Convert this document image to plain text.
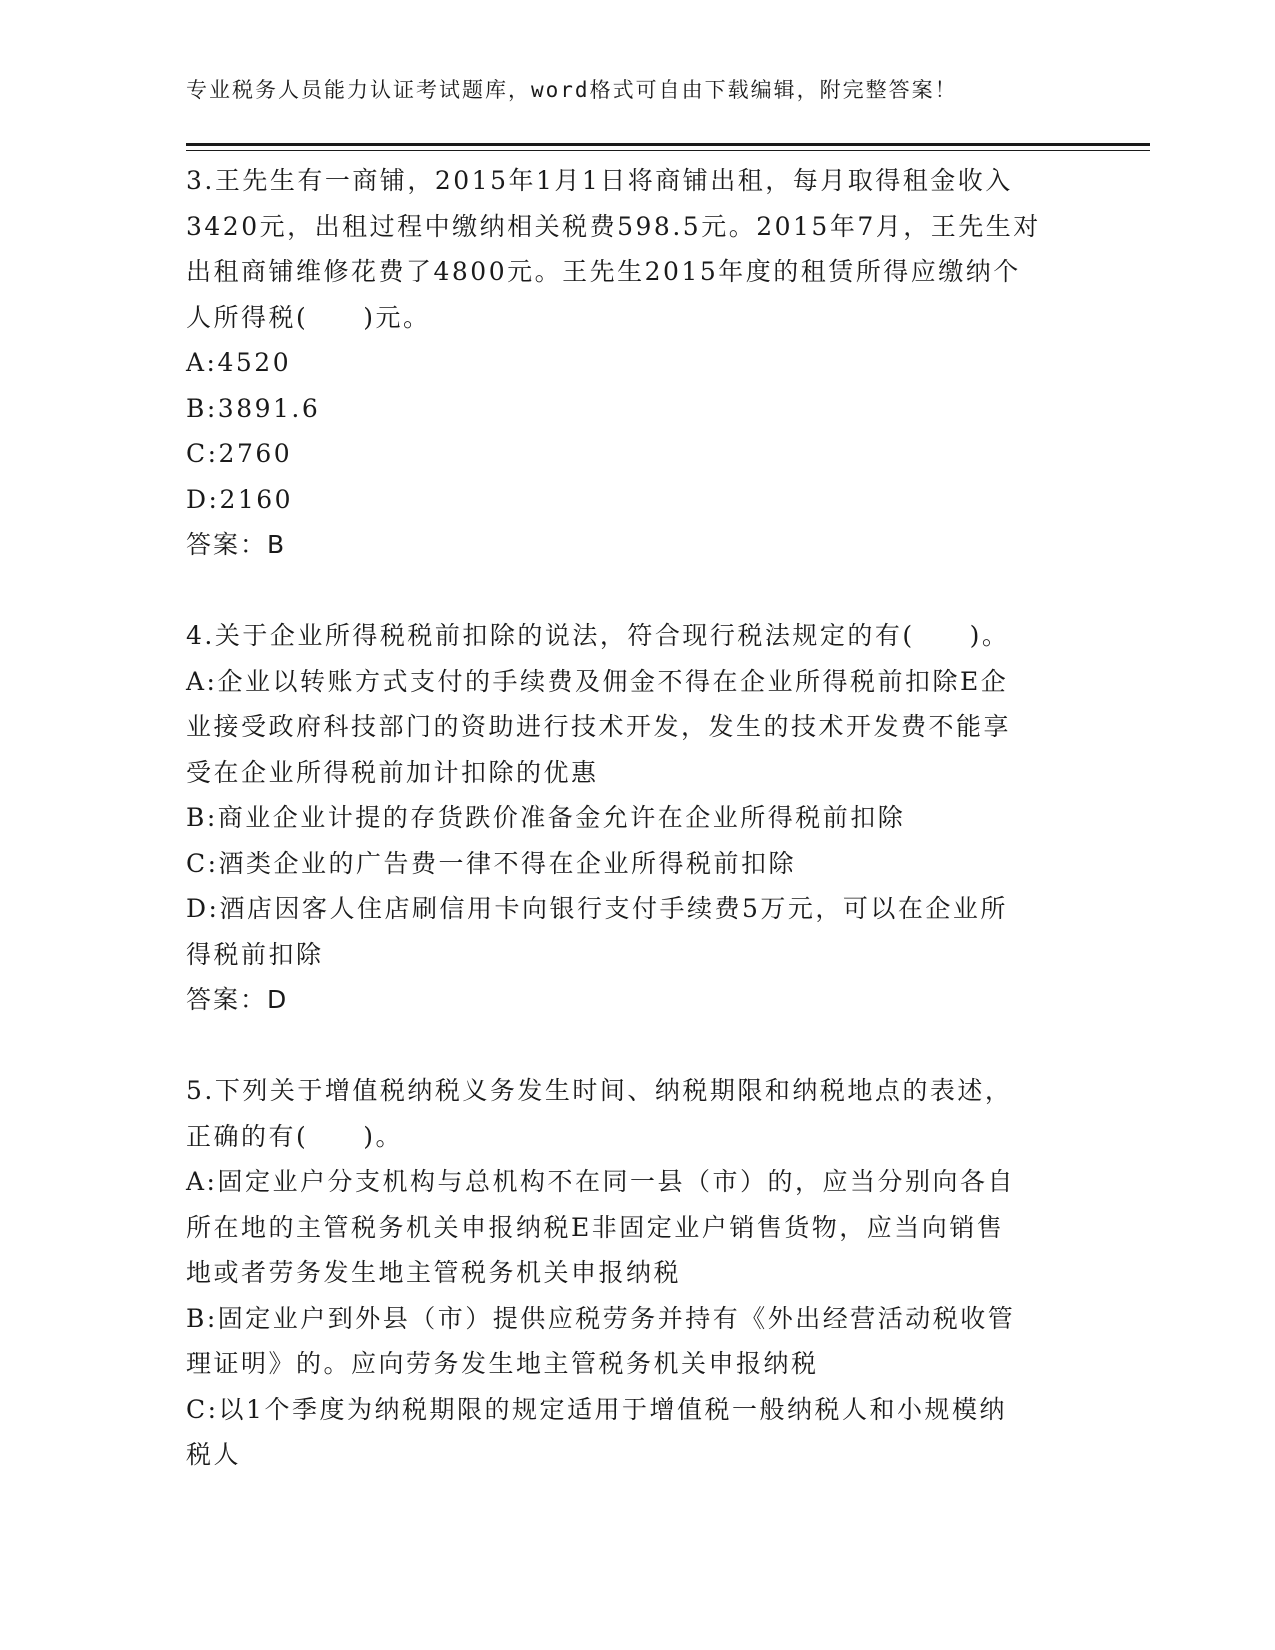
专业税务人员能力认证考试题库，word格式可自由下载编辑，附完整答案！

3.王先生有一商铺，2015年1月1日将商铺出租，每月取得租金收入

3420元，出租过程中缴纳相关税费598.5元。2015年7月，王先生对

出租商铺维修花费了4800元。王先生2015年度的租赁所得应缴纳个

人所得税(　　)元。

A:4520

B:3891.6

C:2760

D:2160

答案：B

4.关于企业所得税税前扣除的说法，符合现行税法规定的有(　　)。

A:企业以转账方式支付的手续费及佣金不得在企业所得税前扣除E企

业接受政府科技部门的资助进行技术开发，发生的技术开发费不能享

受在企业所得税前加计扣除的优惠

B:商业企业计提的存货跌价准备金允许在企业所得税前扣除

C:酒类企业的广告费一律不得在企业所得税前扣除

D:酒店因客人住店刷信用卡向银行支付手续费5万元，可以在企业所

得税前扣除

答案：D

5.下列关于增值税纳税义务发生时间、纳税期限和纳税地点的表述，

正确的有(　　)。

A:固定业户分支机构与总机构不在同一县（市）的，应当分别向各自

所在地的主管税务机关申报纳税E非固定业户销售货物，应当向销售

地或者劳务发生地主管税务机关申报纳税

B:固定业户到外县（市）提供应税劳务并持有《外出经营活动税收管

理证明》的。应向劳务发生地主管税务机关申报纳税

C:以1个季度为纳税期限的规定适用于增值税一般纳税人和小规模纳

税人
